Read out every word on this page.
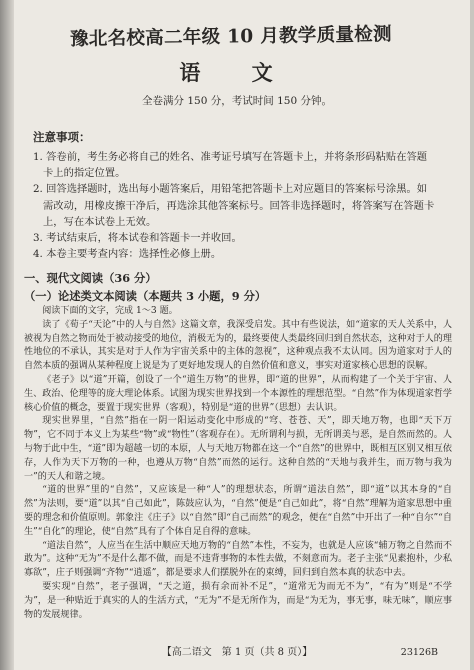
豫北名校高二年级 10 月教学质量检测
语 文
全卷满分 150 分，考试时间 150 分钟。
注意事项：
1. 答卷前，考生务必将自己的姓名、准考证号填写在答题卡上，并将条形码粘贴在答题
卡上的指定位置。
2. 回答选择题时，选出每小题答案后，用铅笔把答题卡上对应题目的答案标号涂黑。如
需改动，用橡皮擦干净后，再选涂其他答案标号。回答非选择题时，将答案写在答题卡
上，写在本试卷上无效。
3. 考试结束后，将本试卷和答题卡一并收回。
4. 本卷主要考查内容：选择性必修上册。
一、现代文阅读（36 分）
（一）论述类文本阅读（本题共 3 小题，9 分）

阅读下面的文字，完成 1～3 题。

读了《荀子“天论”中的人与自然》这篇文章，我深受启发。其中有些说法，如“道家的天人关系中，人被视为自然之物而处于被动接受的地位，消极无为的，最终要使人类最终回归到自然状态，这种对于人的理性地位的不承认，其实是对于人作为宇宙关系中的主体的忽视”，这种观点我不太认同。因为道家对于人的自然本质的强调从某种程度上说是为了更好地发现人的自然价值和意义，事实对道家核心思想的误解。

《老子》以“道”开篇，创设了一个“道生万物”的世界，即“道的世界”，从而构建了一个关于宇宙、人生、政治、伦理等的庞大理论体系。试图为现实世界找到一个本源性的理想范型。“自然”作为体现道家哲学核心价值的概念，要置于现实世界（客观），特别是“道的世界”（思想）去认识。

现实世界里，“自然”指在一阴一阳运动变化中形成的“穹、苍苍、天”，即天地万物，也即“天下万物”，它不同于本义上为某些“物”或“物性”（客观存在）。无所谓利与损，无所谓美与恶，是自然而然的。人与物于此中生，“道”即为超越一切的本原，人与天地万物都在这一个“自然”的世界中，既相互区别又相互依存，人作为天下万物的一种，也遵从万物“自然”而然的运行。这种自然的“天地与我并生，而万物与我为一”的天人和谐之境。

“道的世界”里的“自然”，又应该是一种“人”的理想状态，所谓“道法自然”，即“道”以其本身的“自然”为法则，要“道”以其“自己如此”，陈鼓应认为，“自然”便是“自己如此”，将“自然”理解为道家思想中重要的理念和价值原则。郭象注《庄子》以“自然”即“自己而然”的观念，便在“自然”中开出了一种“自尔”“自生”“自化”的理论，使“自然”具有了个体自足自得的意味。

“道法自然”，人应当在生活中顺应天地万物的“自然”本性，不妄为，也就是人应该“辅万物之自然而不敢为”。这种“无为”不是什么都不做，而是不违背事物的本性去做，不刻意而为。老子主张“见素抱朴，少私寡欲”，庄子则强调“齐物”“逍遥”，都是要求人们摆脱外在的束缚，回归到自然本真的状态中去。

要实现“自然”，老子强调，“天之道，损有余而补不足”，“道常无为而无不为”，“有为”则是“不学为”，是一种贴近于真实的人的生活方式，“无为”不是无所作为，而是“为无为，事无事，味无味”，顺应事物的发展规律。

【高二语文　第 1 页（共 8 页）】	23126B
